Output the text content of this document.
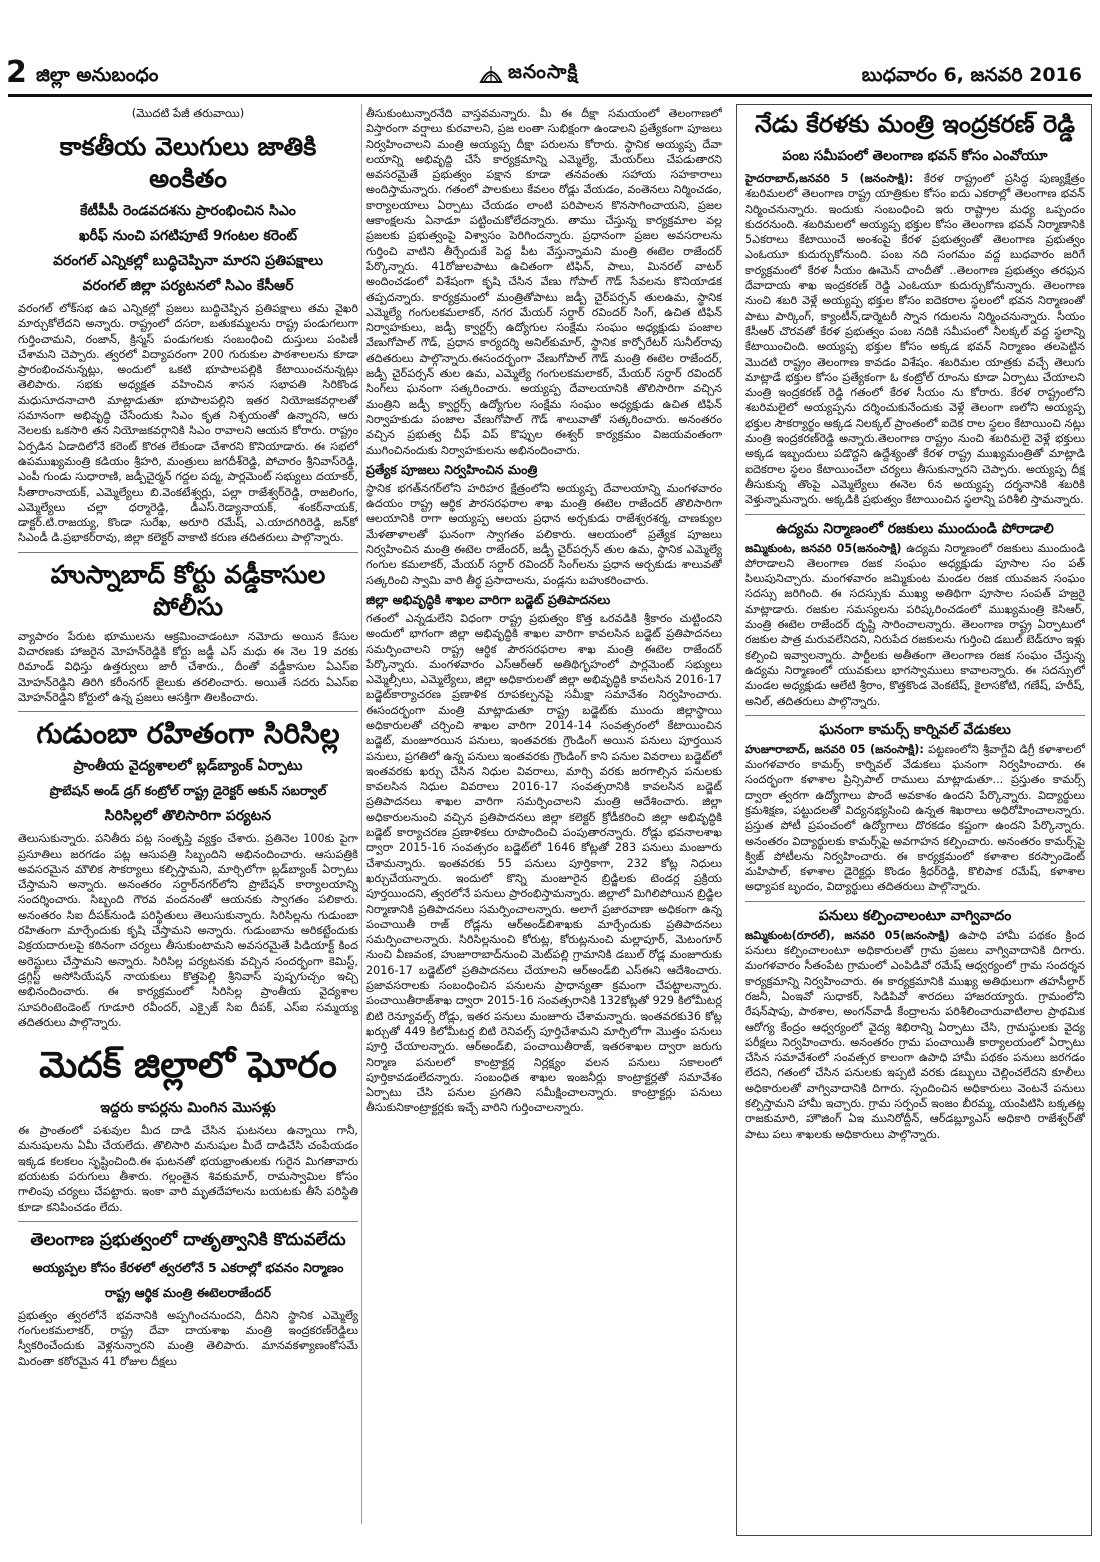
2 జిల్లా అనుబంధం	జనంసాక్షి	బుధవారం 6, జనవరి 2016
(మొదటి పేజీ తరువాయి)
కాకతీయ వెలుగులు జాతికి అంకితం
కేటీపీపీ రెండవదశను ప్రారంభించిన సిఎం
ఖరీఫ్‌ నుంచి పగటిపూటే 9గంటల కరెంట్‌
వరంగల్‌ ఎన్నికల్లో బుద్ధిచెప్పినా మారని ప్రతిపక్షాలు
వరంగల్‌ జిల్లా పర్యటనలో సిఎం కేసీఆర్‌

వరంగల్‌ లోక్‌సభ ఉప ఎన్నికల్లో ప్రజలు బుద్ధిచెప్పిన ప్రతిపక్షాలు తమ వైఖరి మార్చుకోలేదని అన్నారు. రాష్ట్రంలో దసరా, బతుకమ్మలను రాష్ట్ర పండుగలుగా గుర్తించామని, రంజాన్‌, క్రిస్మస్‌ పండుగలకు సంబంధించి దుస్తులు పంపిణీ చేశామని చెప్పారు. త్వరలో విద్యాపరంగా 200 గురుకుల పాఠశాలలను కూడా ప్రారంభించనున్నట్లు, అందులో ఒకటి భూపాలపల్లికి కేటాయించనున్నట్లు తెలిపారు. సభకు అధ్యక్షత వహించిన శాసన సభాపతి సిరికొండ మధుసూదనాచారి మాట్లాడుతూ భూపాలపల్లిని ఇతర నియోజకవర్గాలతో సమానంగా అభివృద్ధి చేసేందుకు సిఎం కృత నిశ్చయంతో ఉన్నారని, ఆరు నెలలకు ఒకసారి తన నియోజకవర్గానికి సిఎం రావాలని ఆయన కోరారు. రాష్ట్రం ఏర్పడిన ఏడాదిలోనే కరెంట్‌ కొరత లేకుండా చేశారని కొనియాడారు. ఈ సభలో ఉపముఖ్యమంత్రి కడియం శ్రీహరి, మంత్రులు జగదీశ్‌రెడ్డి, పోచారం శ్రీనివాస్‌రెడ్డి, ఎంపీ గుండు సుధారాణి, జడ్పీచైర్మన్‌ గద్దల పద్మ, పార్లమెంట్‌ సభ్యులు దయాకర్‌, సీతారాంనాయక్‌, ఎమ్మెల్యేలు బి.వెంకటేశ్వర్లు, పల్లా రాజేశ్వర్‌రెడ్డి, రాజలింగం, ఎమ్మెల్యేలు చల్లా ధర్మారెడ్డి, డీఎస్‌.రెడ్యానాయక్‌, శంకర్‌నాయక్‌, డాక్టర్‌.టి.రాజయ్య, కొండా సురేఖ, అరూరి రమేష్‌, ఎ.యాదగిరిరెడ్డి, జన్‌కో సిఎండీ డి.ప్రభాకర్‌రావు, జిల్లా కలెక్టర్‌ వాకాటి కరుణ తదితరులు పాల్గొన్నారు.

హుస్నాబాద్‌ కోర్టు వడ్డీకాసుల పోలీసు

వ్యాపారం పేరుట భూములను ఆక్రమించాడంటూ నమోదు అయిన కేసుల విచారణకు హాజరైన మోహన్‌రెడ్డికి కోర్టు జడ్జీ ఎస్‌ మధు ఈ నెల 19 వరకు రిమాండ్‌ విధిస్తు ఉత్తర్వులు జారీ చేశారు., దీంతో వడ్డీకాసుల ఏఎస్‌ఐ మోహన్‌రెడ్డిని తిరిగి కరీంనగర్‌ జైలుకు తరలించారు. అయితే సదరు ఏఎస్‌ఐ మోహన్‌రెడ్డిని కోర్టులో ఉన్న ప్రజలు ఆసక్తిగా తిలకించారు.

గుడుంబా రహితంగా సిరిసిల్ల
ప్రాంతీయ వైద్యశాలలో బ్లడ్‌బ్యాంక్‌ ఏర్పాటు
ప్రొబేషన్‌ అండ్‌ డ్రగ్‌ కంట్రోల్‌ రాష్ట్ర డైరెక్టర్‌ అకున్‌ సబర్వాల్‌
సిరిసిల్లలో తొలిసారిగా పర్యటన

తెలుసుకున్నారు. పనితీరు పట్ల సంతృప్తి వ్యక్తం చేశారు. ప్రతినెల 100కు పైగా ప్రసూతిలు జరగడం పట్ల ఆసుపత్రి సిబ్బందిని అభినందించారు. ఆసుపత్రికి అవసరమైన మౌలిక సౌకర్యాలు కల్పిస్తామని, మార్చిలోగా బ్లడ్‌బ్యాంక్‌ ఏర్పాటు చేస్తామని అన్నారు. అనంతరం సర్దార్‌నగర్‌లోని ప్రొబేషన్‌ కార్యాలయాన్ని సందర్శించారు. సిబ్బంది గౌరవ వందనంతో ఆయనకు స్వాగతం పలికారు. అనంతరం సిఐ దీపక్‌నుండి పరిస్థితులు తెలుసుకున్నారు. సిరిసిల్లను గుడుంబా రహితంగా మార్చేందుకు కృషి చేస్తామని అన్నారు. గుడుంబాను అరికట్టేందుకు విక్రయదారులపై కఠినంగా చర్యలు తీసుకుంటామని అవసరమైతే పిడియాక్ట్‌ కింద అరెస్టులు చేస్తామని అన్నారు. సిరిసిల్ల పర్యటనకు వచ్చిన సందర్భంగా కెమిస్ట్‌, డ్రగ్గిస్ట్‌ అసోసియేషన్‌ నాయకులు కొత్తపెల్లి శ్రీనివాస్‌ పుష్పగుచ్చం ఇచ్చి అభినందించారు. ఈ కార్యక్రమంలో సిరిసిల్ల ప్రాంతీయ వైద్యశాల సూపరింటెండెంట్‌ గూడూరి రవీందర్‌, ఎక్సైజ్‌ సిఐ దీపక్‌, ఎస్‌ఐ సమ్మయ్య తదితరులు పాల్గొన్నారు.

మెదక్‌ జిల్లాలో ఘోరం
ఇద్దరు కాపర్లను మింగిన మొసళ్లు

ఈ ప్రాంతంలో పశువుల మీద దాడి చేసిన ఘటనలు ఉన్నాయి గానీ, మనుషులను ఏమీ చేయలేదు. తొలిసారి మనుషుల మీదే దాడిచేసి చంపేయడం ఇక్కడ కలకలం సృష్టించింది.ఈ ఘటనతో భయభ్రాంతులకు గురైన మిగతావారు భయటకు పరుగులు తీశారు. గల్లంతైన శివకుమార్‌, రామస్వామిల కోసం గాలింపు చర్యలు చేపట్టారు. ఇంకా వారి మృతదేహాలను బయటకు తీసే పరిస్థితి కూడా కనిపించడం లేదు.

తెలంగాణ ప్రభుత్వంలో దాతృత్వానికి కొదువలేదు
అయ్యప్పల కోసం కేరళలో త్వరలోనే 5 ఎకరాల్లో భవనం నిర్మాణం
రాష్ట్ర ఆర్థిక మంత్రి ఈటెలరాజేందర్‌

ప్రభుత్వం త్వరలోనే భవనానికి అప్పగించనుందని, దీనిని స్థానిక ఎమ్మెల్యే గంగులకమలాకర్‌, రాష్ట్ర దేవా దాయశాఖ మంత్రి ఇంద్రకరణ్‌రెడ్డిలు స్వీకరించేందుకు వెళ్లనున్నారని మంత్రి తెలిపారు. మానవకళ్యాణంకోసమే మిరంతా కఠోరమైన 41 రోజుల దీక్షలు

తీసుకుంటున్నారనేది వాస్తవమన్నారు. మీ ఈ దీక్షా సమయంలో తెలంగాణలో విస్తారంగా వర్షాలు కురవాలని, ప్రజ లంతా సుభిక్షంగా ఉండాలని ప్రత్యేకంగా పూజలు నిర్వహించాలని మంత్రి అయ్యప్ప దీక్షా పరులను కోరారు. స్థానిక అయ్యప్ప దేవా లయాన్ని అభివృద్ది చేసే కార్యక్రమాన్ని ఎమ్మెల్యే, మేయర్‌లు చేపడుతారని అవసరమైతే ప్రభుత్వం పక్షాన కూడా తనవంతు సహాయ సహకారాలు అందిస్తామన్నారు. గతంలో పాలకులు కేవలం రోడ్లు వేయడం, వంతెనలు నిర్మించడం, కార్యాలయాలు ఏర్పాటు చేయడం లాంటి పరిపాలన కొనసాగించాయని, ప్రజల ఆకాంక్షలను ఏనాడూ పట్టించుకోలేదన్నారు. తాము చేస్తున్న కార్యక్రమాల వల్ల ప్రజలకు ప్రభుత్వంపై విశ్వాసం పెరిగిందన్నారు. ప్రధానంగా ప్రజల అవసరాలను గుర్తించి వాటిని తీర్చేందుకే పెద్ద పీట వేస్తున్నామని మంత్రి ఈటెల రాజేందర్‌ పేర్కొన్నారు. 41రోజులపాటు ఉచితంగా టిఫిన్‌, పాలు, మినరల్‌ వాటర్‌ అందించడంలో విశేషంగా కృషి చేసిన వేణు గోపాల్‌ గౌడ్‌ సేవలను కొనియాడక తప్పదన్నారు. కార్యక్రమంలో మంత్రితోపాటు జడ్పీ చైర్‌పర్సన్‌ తులఉమ, స్థానిక ఎమ్మెల్యే గంగులకమలాకర్‌, నగర మేయర్‌ సర్దార్‌ రవిందర్‌ సింగ్‌, ఉచిత టిఫిన్‌ నిర్వాహకులు, జడ్పీ క్వార్టర్స్‌ ఉద్యోగుల సంక్షేమ సంఘం అధ్యక్షుడు పంజాల వేణుగోపాల్‌ గౌడ్‌, ప్రధాన కార్యదర్శి అనిల్‌కుమార్‌, స్థానిక కార్పోరేటర్‌ సునీల్‌రావు తదితరులు పాల్గొన్నారు.ఈసందర్భంగా వేణుగోపాల్‌ గౌడ్‌ మంత్రి ఈటెల రాజేందర్‌, జడ్పీ చైర్‌పర్సన్‌ తుల ఉమ, ఎమ్మెల్యే గంగులకమలాకర్‌, మేయర్‌ సర్దార్‌ రవిందర్‌ సింగ్‌లు ఘనంగా సత్కరించారు. అయ్యప్ప దేవాలయానికి తొలిసారిగా వచ్చిన మంత్రిని జడ్పీ క్వార్టర్స్‌ ఉద్యోగుల సంక్షేమ సంఘం అధ్యక్షుడు ఉచిత టిఫిన్‌ నిర్వాహకుడు పంజాల వేణుగోపాల్‌ గౌడ్‌ శాలువాతో సత్కరించారు. అనంతరం వచ్చిన ప్రభుత్వ చీఫ్‌ విప్‌ కొప్పుల ఈశ్వర్‌ కార్యక్రమం విజయవంతంగా ముగించినందుకు నిర్వాహకులను అభినందించారు.

ప్రత్యేక పూజలు నిర్వహించిన మంత్రి

స్థానిక భగత్‌నగర్‌లోని హరిహర క్షేత్రంలోని అయ్యప్ప దేవాలయాన్ని మంగళవారం ఉదయం రాష్ట్ర ఆర్థిక పౌరసరఫరాల శాఖ మంత్రి ఈటెల రాజేందర్‌ తొలిసారిగా ఆలయానికి రాగా అయ్యప్ప ఆలయ ప్రధాన అర్చకుడు రాజేశ్వరశర్మ, చాణక్యుల మేళతాళాలతో ఘనంగా స్వాగతం పలికారు. ఆలయంలో ప్రత్యేక పూజలు నిర్వహించిన మంత్రి ఈటెల రాజేందర్‌, జడ్పీ చైర్‌పర్సన్‌ తుల ఉమ, స్థానిక ఎమ్మెల్యే గంగుల కమలాకర్‌, మేయర్‌ సర్దార్‌ రవిందర్‌ సింగ్‌లను ప్రధాన అర్చకుడు శాలువతో సత్కరించి స్వామి వారి తీర్థ ప్రసాదాలను, పండ్లను బహుకరించారు.

జిల్లా అభివృద్ధికి శాఖల వారిగా బడ్జెట్‌ ప్రతిపాదనలు

గతంలో ఎన్నడులేని విధంగా రాష్ట్ర ప్రభుత్వం కొత్త ఒరవడికి శ్రీకారం చుట్టిందని అందులో భాగంగా జిల్లా అభివృద్ధికి శాఖల వారిగా కావలసిన బడ్జెట్‌ ప్రతిపాదనలు సమర్పించాలని రాష్ట్ర ఆర్థిక పౌరసరఫరాల శాఖ మంత్రి ఈటెల రాజేందర్‌ పేర్కొన్నారు. మంగళవారం ఎస్‌ఆర్‌ఆర్‌ అతిథిగృహంలో పార్లమెంట్‌ సభ్యులు ఎమ్మెల్సీలు, ఎమ్మెల్యేలు, జిల్లా అధికారులతో జిల్లా అభివృద్ధికి కావలసిన 2016-17 బడ్జెట్‌కార్యాచరణ ప్రణాళిక రూపకల్పనపై సమీక్షా సమావేశం నిర్వహించారు. ఈసందర్భంగా మంత్రి మాట్లాడుతూ రాష్ట్ర బడ్జెట్‌కు ముందు జిల్లాస్థాయి అధికారులతో చర్చించి శాఖల వారిగా 2014-14 సంవత్సరంలో కేటాయించిన బడ్జెట్‌, మంజూరయిన పనులు, ఇంతవరకు గ్రౌండింగ్‌ అయిన పనులు పూర్తయిన పనులు, ప్రగతిలో ఉన్న పనులు ఇంతవరకు గ్రౌండింగ్‌ కాని పనుల వివరాలు బడ్జెట్‌లో ఇంతవరకు ఖర్చు చేసిన నిధుల వివరాలు, మార్చి వరకు జరగాల్సిన పనులకు కావలసిన నిధుల వివరాలు 2016-17 సంవత్సరానికి కావలసిన బడ్జెట్‌ ప్రతిపాదనలు శాఖల వారిగా సమర్పించాలని మంత్రి ఆదేశించారు. జిల్లా అధికారులనుంచి వచ్చిన ప్రతిపాదనలు జిల్లా కలెక్టర్‌ క్రోడీకరించి జిల్లా అభివృద్ధికి బడ్జెట్‌ కార్యాచరణ ప్రణాళికలు రూపొందించి పంపుతారన్నారు. రోడ్లు భవనాలశాఖ ద్వారా 2015-16 సంవత్సరం బడ్జెట్‌లో 1646 కోట్లతో 283 పనులు మంజూరు చేశామన్నారు. ఇంతవరకు 55 పనులు పూర్తికాగా, 232 కోట్ల నిధులు ఖర్చుచేయన్నారు. ఇందులో కొన్ని మంజూరైన బ్రిడ్జిలకు టెండర్ల ప్రక్రియ పూర్తయిందని, త్వరలోనే పనులు ప్రారంభిస్తామన్నారు. జిల్లాలో మిగిలిపోయిన బ్రిడ్జిల నిర్మాణానికి ప్రతిపాదనలు సమర్పించాలన్నారు. అలాగే ప్రజారవాణా అధికంగా ఉన్న పంచాయితీ రాజ్‌ రోడ్లను ఆర్‌అండ్‌బిశాఖకు మార్చేందుకు ప్రతిపాదనలు సమర్పించాలన్నారు. సిరిసిల్లనుంచి కోరుట్ల, కోరుట్లనుంచి మల్లాపూర్‌, మెటంగూర్‌ నుంచి వీణవంక, హుజూరాబాద్‌నుంచి మెట్‌పల్లి గ్రామానికి డబుల్‌ రోడ్ల మంజూరుకు 2016-17 బడ్జెట్‌లో ప్రతిపాదనలు చేయాలని ఆర్‌అండ్‌బి ఎస్‌ఈని ఆదేశించారు. ప్రజావసరాలకు సంబంధించిన పనులను ప్రాధాన్యతా క్రమంగా చేపట్టాలన్నారు. పంచాయితీరాజ్‌శాఖ ద్వారా 2015-16 సంవత్సరానికి 132కోట్లతో 929 కిలోమీటర్ల బిటి రెన్యూవల్స్‌ రోడ్లు, ఇతర పనులు మంజూరు చేశామన్నారు. ఇంతవరకు36 కోట్ల ఖర్చుతో 449 కిలోమీటర్ల బిటి రెనివల్స్‌ పూర్తిచేశామని మార్చిలోగా మొత్తం పనులు పూర్తి చేయాలన్నారు. ఆర్‌అండ్‌బి, పంచాయితీరాజ్‌, ఇతరశాఖల ద్వారా జరుగు నిర్మాణ పనులలో కాంట్రాక్టర్ల నిర్లక్ష్యం వలన పనులు సకాలంలో పూర్తికావడంలేదన్నారు. సంబంధిత శాఖల ఇంజనీర్లు కాంట్రాక్టర్లతో సమావేశం ఏర్పాటు చేసి పనుల ప్రగతిని సమీక్షించాలన్నారు. కాంట్రాక్టర్లు పనులు తీసుకునికాంట్రాక్టర్లకు ఇచ్చే వారిని గుర్తించాలన్నారు.

నేడు కేరళకు మంత్రి ఇంద్రకరణ్‌ రెడ్డి
పంబ సమీపంలో తెలంగాణ భవన్‌ కోసం ఎంవోయూ

హైదరాబాద్‌,జనవరి 5 (జనంసాక్షి): కేరళ రాష్ట్రంలో ప్రసిద్ధ పుణ్యక్షేత్రం శబరిమలలో తెలంగాణ రాష్ట్ర యాత్రికుల కోసం ఐదు ఎకరాల్లో తెలంగాణ భవన్‌ నిర్మించనున్నారు. ఇందుకు సంబంధించి ఇరు రాష్ట్రాల మధ్య ఒప్పందం కుదరనుంది. శబరిమలలో అయ్యప్ప భక్తుల కోసం తెలంగాణ భవన్‌ నిర్మాణానికి 5ఎకరాలు కేటాయించే అంశంపై కేరళ ప్రభుత్వంతో తెలంగాణ ప్రభుత్వం ఎంఓయూ కుదుర్చుకోనుంది. పంబ నది సంగమం వద్ద బుధవారం జరిగే కార్యక్రమంలో కేరళ సీయం ఊమెన్‌ చాందీతో ..తెలంగాణ ప్రభుత్వం తరఫున దేవాదాయ శాఖ ఇంద్రకరణ్‌ రెడ్డి ఎంఓయూ కుదుర్చుకోనున్నారు. తెలంగాణ నుంచి శబరి వెళ్లే అయ్యప్ప భక్తుల కోసం ఐదెకరాల స్థలంలో భవన నిర్మాణంతో పాటు పార్కింగ్‌, క్యాంటీన్‌,డార్మెటరీ స్నాన గదులను నిర్మించనున్నారు. సీయం కేసీఆర్‌ చొరవతో కేరళ ప్రభుత్వం పంబ నదికి సమీపంలో నీలక్కల్‌ వద్ద స్థలాన్ని కేటాయించింది. అయ్యప్ప భక్తుల కోసం అక్కడ భవన్‌ నిర్మాణం తలపెట్టిన మొదటి రాష్ట్రం తెలంగాణ కావడం విశేషం. శబరిమల యాత్రకు వచ్చే తెలుగు మాట్లాడే భక్తుల కోసం ప్రత్యేకంగా ఓ కంట్రోల్‌ రూంను కూడా ఏర్పాటు చేయాలని మంత్రి ఇంద్రకరణ్‌ రెడ్డి గతంలో కేరళ సీయం ను కోరారు. కేరళ రాష్ట్రంలోని శబరిమలైలో అయ్యప్పను దర్శించుకునేందుకు వెళ్లే తెలంగా ణలోని అయ్యప్ప భక్తుల సౌకర్యార్థం అక్కడ నిలక్కల్‌ ప్రాంతంలో ఐదెక రాల స్థలం కేటాయించి నట్లు మంత్రి ఇంద్రకరణ్‌రెడ్డి అన్నారు.తెలంగాణ రాష్ట్రం నుంచి శబరిమలై వెళ్లే భక్తులు అక్కడ ఇబ్బందులు పడొద్దని ఉద్దేశ్యంతో కేరళ రాష్ట్ర ముఖ్యమంత్రితో మాట్లాడి ఐదెకరాల స్థలం కేటాయించేలా చర్యలు తీసుకున్నారని చెప్పారు. అయ్యప్ప దీక్ష తీసుకున్న తొంపై ఎమ్మెల్యేలు ఈనెల 6న అయ్యప్ప దర్శనానికి శబరికి వెళ్తున్నామన్నారు. అక్కడికి ప్రభుత్వం కేటాయించిన స్థలాన్ని పరిశీలి స్తామన్నారు.

ఉద్యమ నిర్మాణంలో రజకులు ముందుండి పోరాడాలి

జమ్మికుంట, జనవరి 05(జనంసాక్షి) ఉద్యమ నిర్మాణంలో రజకులు ముందుండి పోరాడాలని తెలంగాణ రజక సంఘం అధ్యక్షుడు పూసాల సం పత్‌ పిలుపునిచ్చారు. మంగళవారం జమ్మికుంట మండల రజక యువజన సంఘం సదస్సు జరిగింది. ఈ సదస్సుకు ముఖ్య అతిథిగా పూసాల సంపత్‌ హజ్రరై మాట్లాడారు. రజకుల సమస్యలను పరిష్కరించడంలో ముఖ్యమంత్రి కెసిఆర్‌, మంత్రి ఈటెల రాజేందర్‌ దృష్టి సారించాలన్నారు. తెలంగాణ రాష్ట్ర ఏర్పాటులో రజకుల పాత్ర మరువలేనిదని, నిరుపేద రజకులను గుర్తించి డబుల్‌ బెడ్‌రూం ఇళ్లు కల్పించి ఇవ్వాలన్నారు. పార్టీలకు అతీతంగా తెలంగాణ రజక సంఘం చేస్తున్న ఉద్యమ నిర్మాణంలో యువకులు భాగస్వాములు కావాలన్నారు. ఈ సదస్సులో మండల అధ్యక్షుడు ఆలేటి శ్రీరాం, కొత్తకొండ వెంకటేష్‌, కైలాసకోటి, గణేష్‌, హరీష్‌, అనిల్‌, తదితరులు పాల్గొన్నారు.

ఘనంగా కామర్స్‌ కార్నివల్‌ వేడుకలు

హుజూరాబాద్‌, జనవరి 05 (జనంసాక్షి): పట్టణంలోని శ్రీవాగ్దేవి డిగ్రీ కళాశాలలో మంగళవారం కామర్స్‌ కార్నివల్‌ వేడుకలు ఘనంగా నిర్వహించారు. ఈ సందర్భంగా కళాశాల ప్రిన్సిపాల్‌ రాములు మాట్లాడుతూ... ప్రస్తుతం కామర్స్‌ ద్వారా త్వరగా ఉద్యోగాలు పొందే అవకాశం ఉందని పేర్కొన్నారు. విద్యార్థులు క్రమశిక్షణ, పట్టుదలతో విద్యనభ్యసించి ఉన్నత శిఖరాలు అధిరోహించాలన్నారు. ప్రస్తుత పోటీ ప్రపంచంలో ఉద్యోగాలు దొరకడం కష్టంగా ఉందని పేర్కొన్నారు. అనంతరం విద్యార్థులకు కామర్స్‌పై అవగాహన కల్పించారు. అనంతరం కామర్స్‌పై క్విజ్‌ పోటీలను నిర్వహించారు. ఈ కార్యక్రమంలో కళాశాల కరస్పాండెంట్‌ మహిపాల్‌, కళాశాల డైరెక్టర్లు కొండం శ్రీధర్‌రెడ్డి, కొలిపాక రమేష్‌, కళాశాల అధ్యాపక బృందం, విద్యార్థులు తదితరులు పాల్గొన్నారు.

పనులు కల్పించాలంటూ వాగ్వివాదం

జమ్మికుంట(రూరల్‌), జనవరి 05(జనంసాక్షి) ఉపాధి హామీ పథకం క్రింద పనులు కల్పించాలంటూ అధికారులతో గ్రామ ప్రజలు వాగ్వివాదానికి దిగారు. మంగళవారం సీతంపేట గ్రామంలో ఎంపిడివో రమేష్‌ ఆధ్వర్యంలో గ్రామ సందర్శన కార్యక్రమాన్ని నిర్వహించారు. ఈ కార్యక్రమానికి ముఖ్య అతిథులుగా తహసీల్దార్‌ రజనీ, ఏంఇవో సుధాకర్‌, సిడిపివో శారదలు హాజరయ్యారు. గ్రామంలోని రేషన్‌షాపు, పాఠశాల, అంగన్‌వాడీ కేంద్రాలను పరిశీలించారువాటిలాల ప్రాథమిక ఆరోగ్య కేంద్రం ఆధ్వర్యంలో వైద్య శిభిరాన్ని ఏర్పాటు చేసి, గ్రామస్థులకు వైద్య పరీక్షలు నిర్వహించారు. అనంతరం గ్రామ పంచాయితీ కార్యాలయంలో ఏర్పాటు చేసిన సమావేశంలో సంవత్సర కాలంగా ఉపాధి హామీ పథకం పనులు జరగడం లేదని, గతంలో చేసిన పనులకు ఇప్పటి వరకు డబ్బులు చెల్లించలేదని కూలీలు అధికారులతో వాగ్వివాదానికి దిగారు. స్పందించిన అధికారులు వెంటనే పనులు కల్పిస్తామని హామీ ఇచ్చారు. గ్రామ సర్పంచ్‌ ఇంజం బీరమ్మ, యంపిటిసి బక్కతట్ల రాజకుమారి, హౌజింగ్‌ ఏఇ మునిరోద్దీన్‌, ఆర్‌డబ్ల్యూఎస్‌ అధికారి రాజేశ్వర్‌తో పాటు పలు శాఖలకు అధికారులు పాల్గొన్నారు.
